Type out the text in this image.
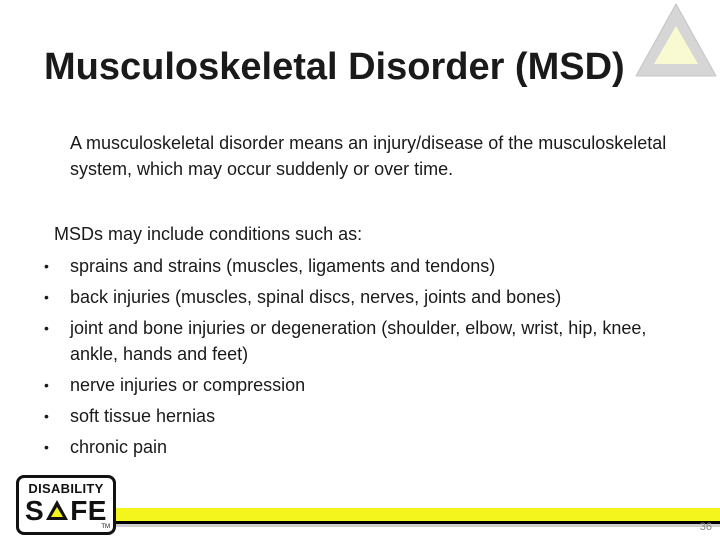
Musculoskeletal Disorder (MSD)

A musculoskeletal disorder means an injury/disease of the musculoskeletal system, which may occur suddenly or over time.

MSDs may include conditions such as:

•	sprains and strains (muscles, ligaments and tendons)
•	back injuries (muscles, spinal discs, nerves, joints and bones)
•	joint and bone injuries or degeneration (shoulder, elbow, wrist, hip, knee, ankle, hands and feet)
•	nerve injuries or compression
•	soft tissue hernias
•	chronic pain
DISABILITY
S FE
TM	36
